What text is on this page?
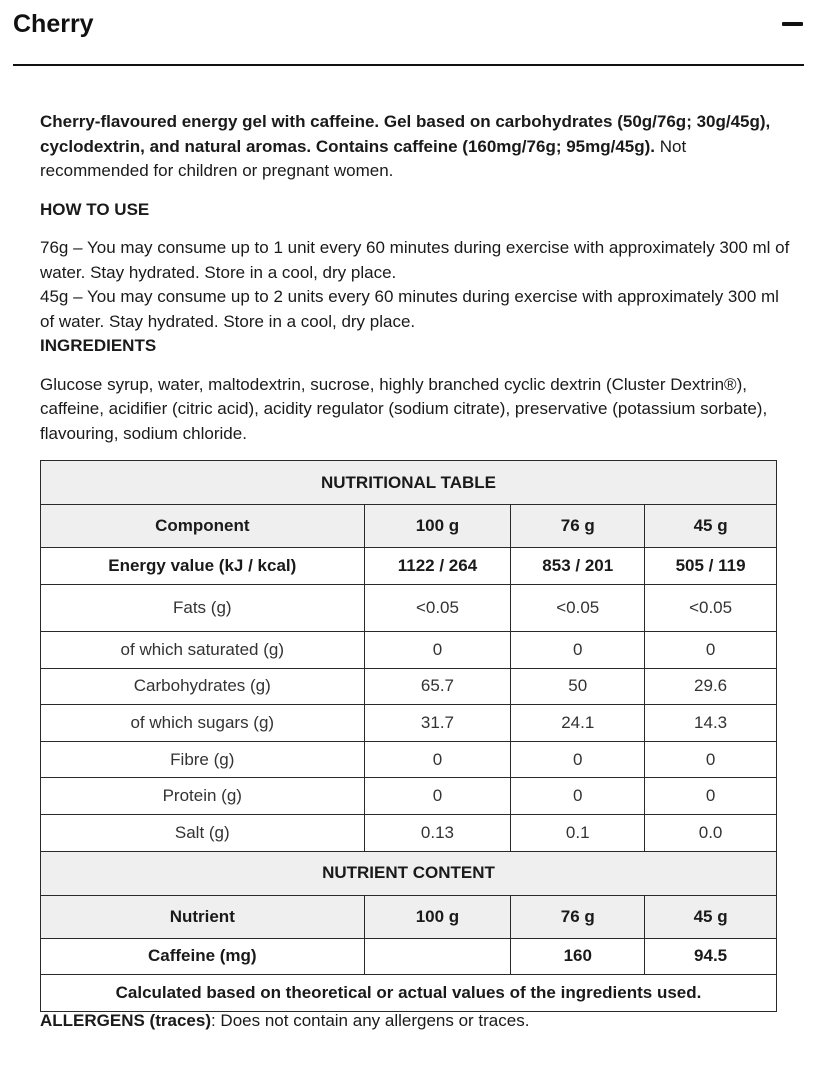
Cherry

Cherry-flavoured energy gel with caffeine. Gel based on carbohydrates (50g/76g; 30g/45g), cyclodextrin, and natural aromas. Contains caffeine (160mg/76g; 95mg/45g). Not recommended for children or pregnant women.

HOW TO USE

76g – You may consume up to 1 unit every 60 minutes during exercise with approximately 300 ml of water. Stay hydrated. Store in a cool, dry place.

45g – You may consume up to 2 units every 60 minutes during exercise with approximately 300 ml of water. Stay hydrated. Store in a cool, dry place.

INGREDIENTS

Glucose syrup, water, maltodextrin, sucrose, highly branched cyclic dextrin (Cluster Dextrin®), caffeine, acidifier (citric acid), acidity regulator (sodium citrate), preservative (potassium sorbate), flavouring, sodium chloride.

NUTRITIONAL TABLE			
Component	100 g	76 g	45 g
Energy value (kJ / kcal)	1122 / 264	853 / 201	505 / 119
Fats (g)	<0.05	<0.05	<0.05
of which saturated (g)	0	0	0
Carbohydrates (g)	65.7	50	29.6
of which sugars (g)	31.7	24.1	14.3
Fibre (g)	0	0	0
Protein (g)	0	0	0
Salt (g)	0.13	0.1	0.0
NUTRIENT CONTENT			
Nutrient	100 g	76 g	45 g
Caffeine (mg)		160	94.5
Calculated based on theoretical or actual values of the ingredients used.			

ALLERGENS (traces): Does not contain any allergens or traces.
